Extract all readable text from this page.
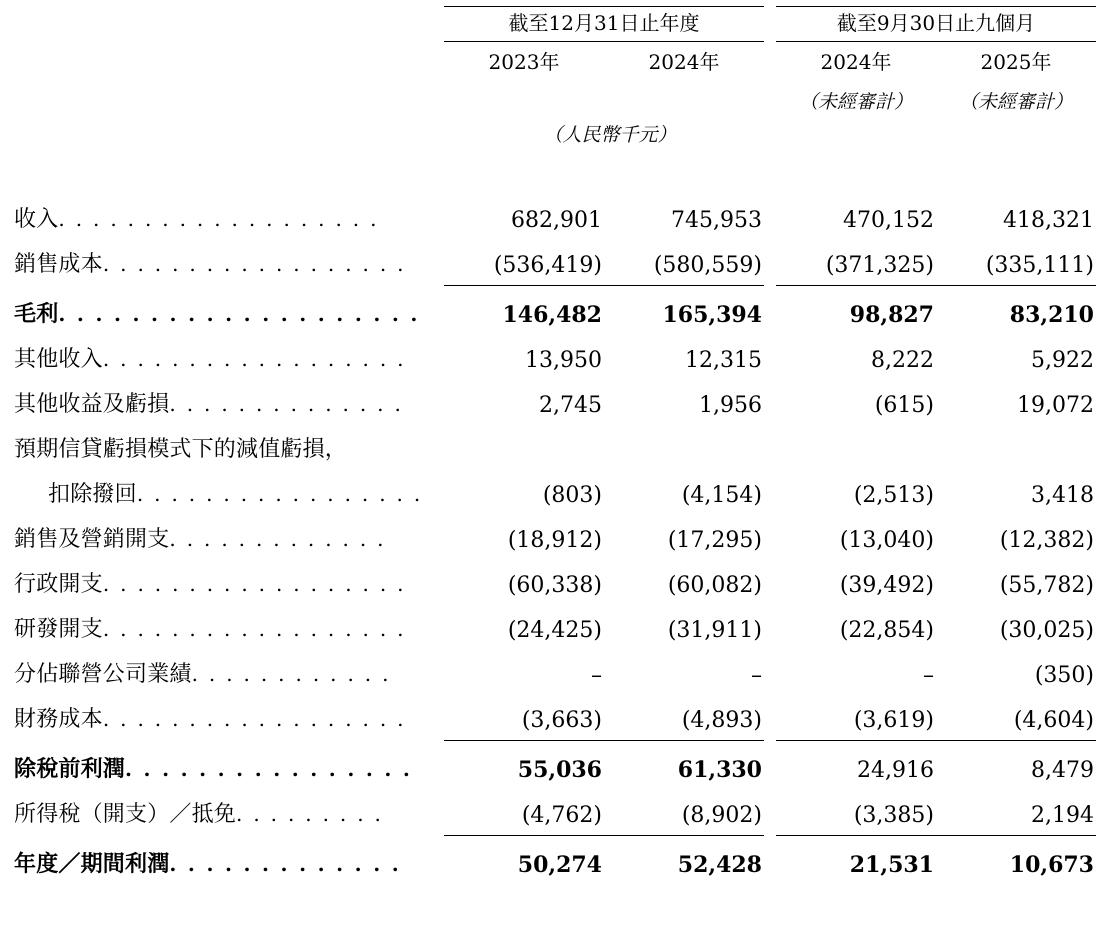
	截至12月31日止年度			截至9月30日止九個月	
	2023年	2024年		2024年	2025年
				（未經審計）	（未經審計）
	（人民幣千元）				

收入. . . . . . . . . . . . . . . . . . .	682,901	745,953		470,152	418,321
銷售成本. . . . . . . . . . . . . . . . . .	(536,419)	(580,559)		(371,325)	(335,111)
毛利. . . . . . . . . . . . . . . . . . . .	146,482	165,394		98,827	83,210
其他收入. . . . . . . . . . . . . . . . . .	13,950	12,315		8,222	5,922
其他收益及虧損. . . . . . . . . . . . . .	2,745	1,956		(615)	19,072
預期信貸虧損模式下的減值虧損，					
扣除撥回. . . . . . . . . . . . . . . . .	(803)	(4,154)		(2,513)	3,418
銷售及營銷開支. . . . . . . . . . . . .	(18,912)	(17,295)		(13,040)	(12,382)
行政開支. . . . . . . . . . . . . . . . . .	(60,338)	(60,082)		(39,492)	(55,782)
研發開支. . . . . . . . . . . . . . . . . .	(24,425)	(31,911)		(22,854)	(30,025)
分佔聯營公司業績. . . . . . . . . . . .	–	–		–	(350)
財務成本. . . . . . . . . . . . . . . . . .	(3,663)	(4,893)		(3,619)	(4,604)
除稅前利潤. . . . . . . . . . . . . . . .	55,036	61,330		24,916	8,479
所得稅（開支）／抵免. . . . . . . . .	(4,762)	(8,902)		(3,385)	2,194
年度／期間利潤. . . . . . . . . . . . .	50,274	52,428		21,531	10,673
